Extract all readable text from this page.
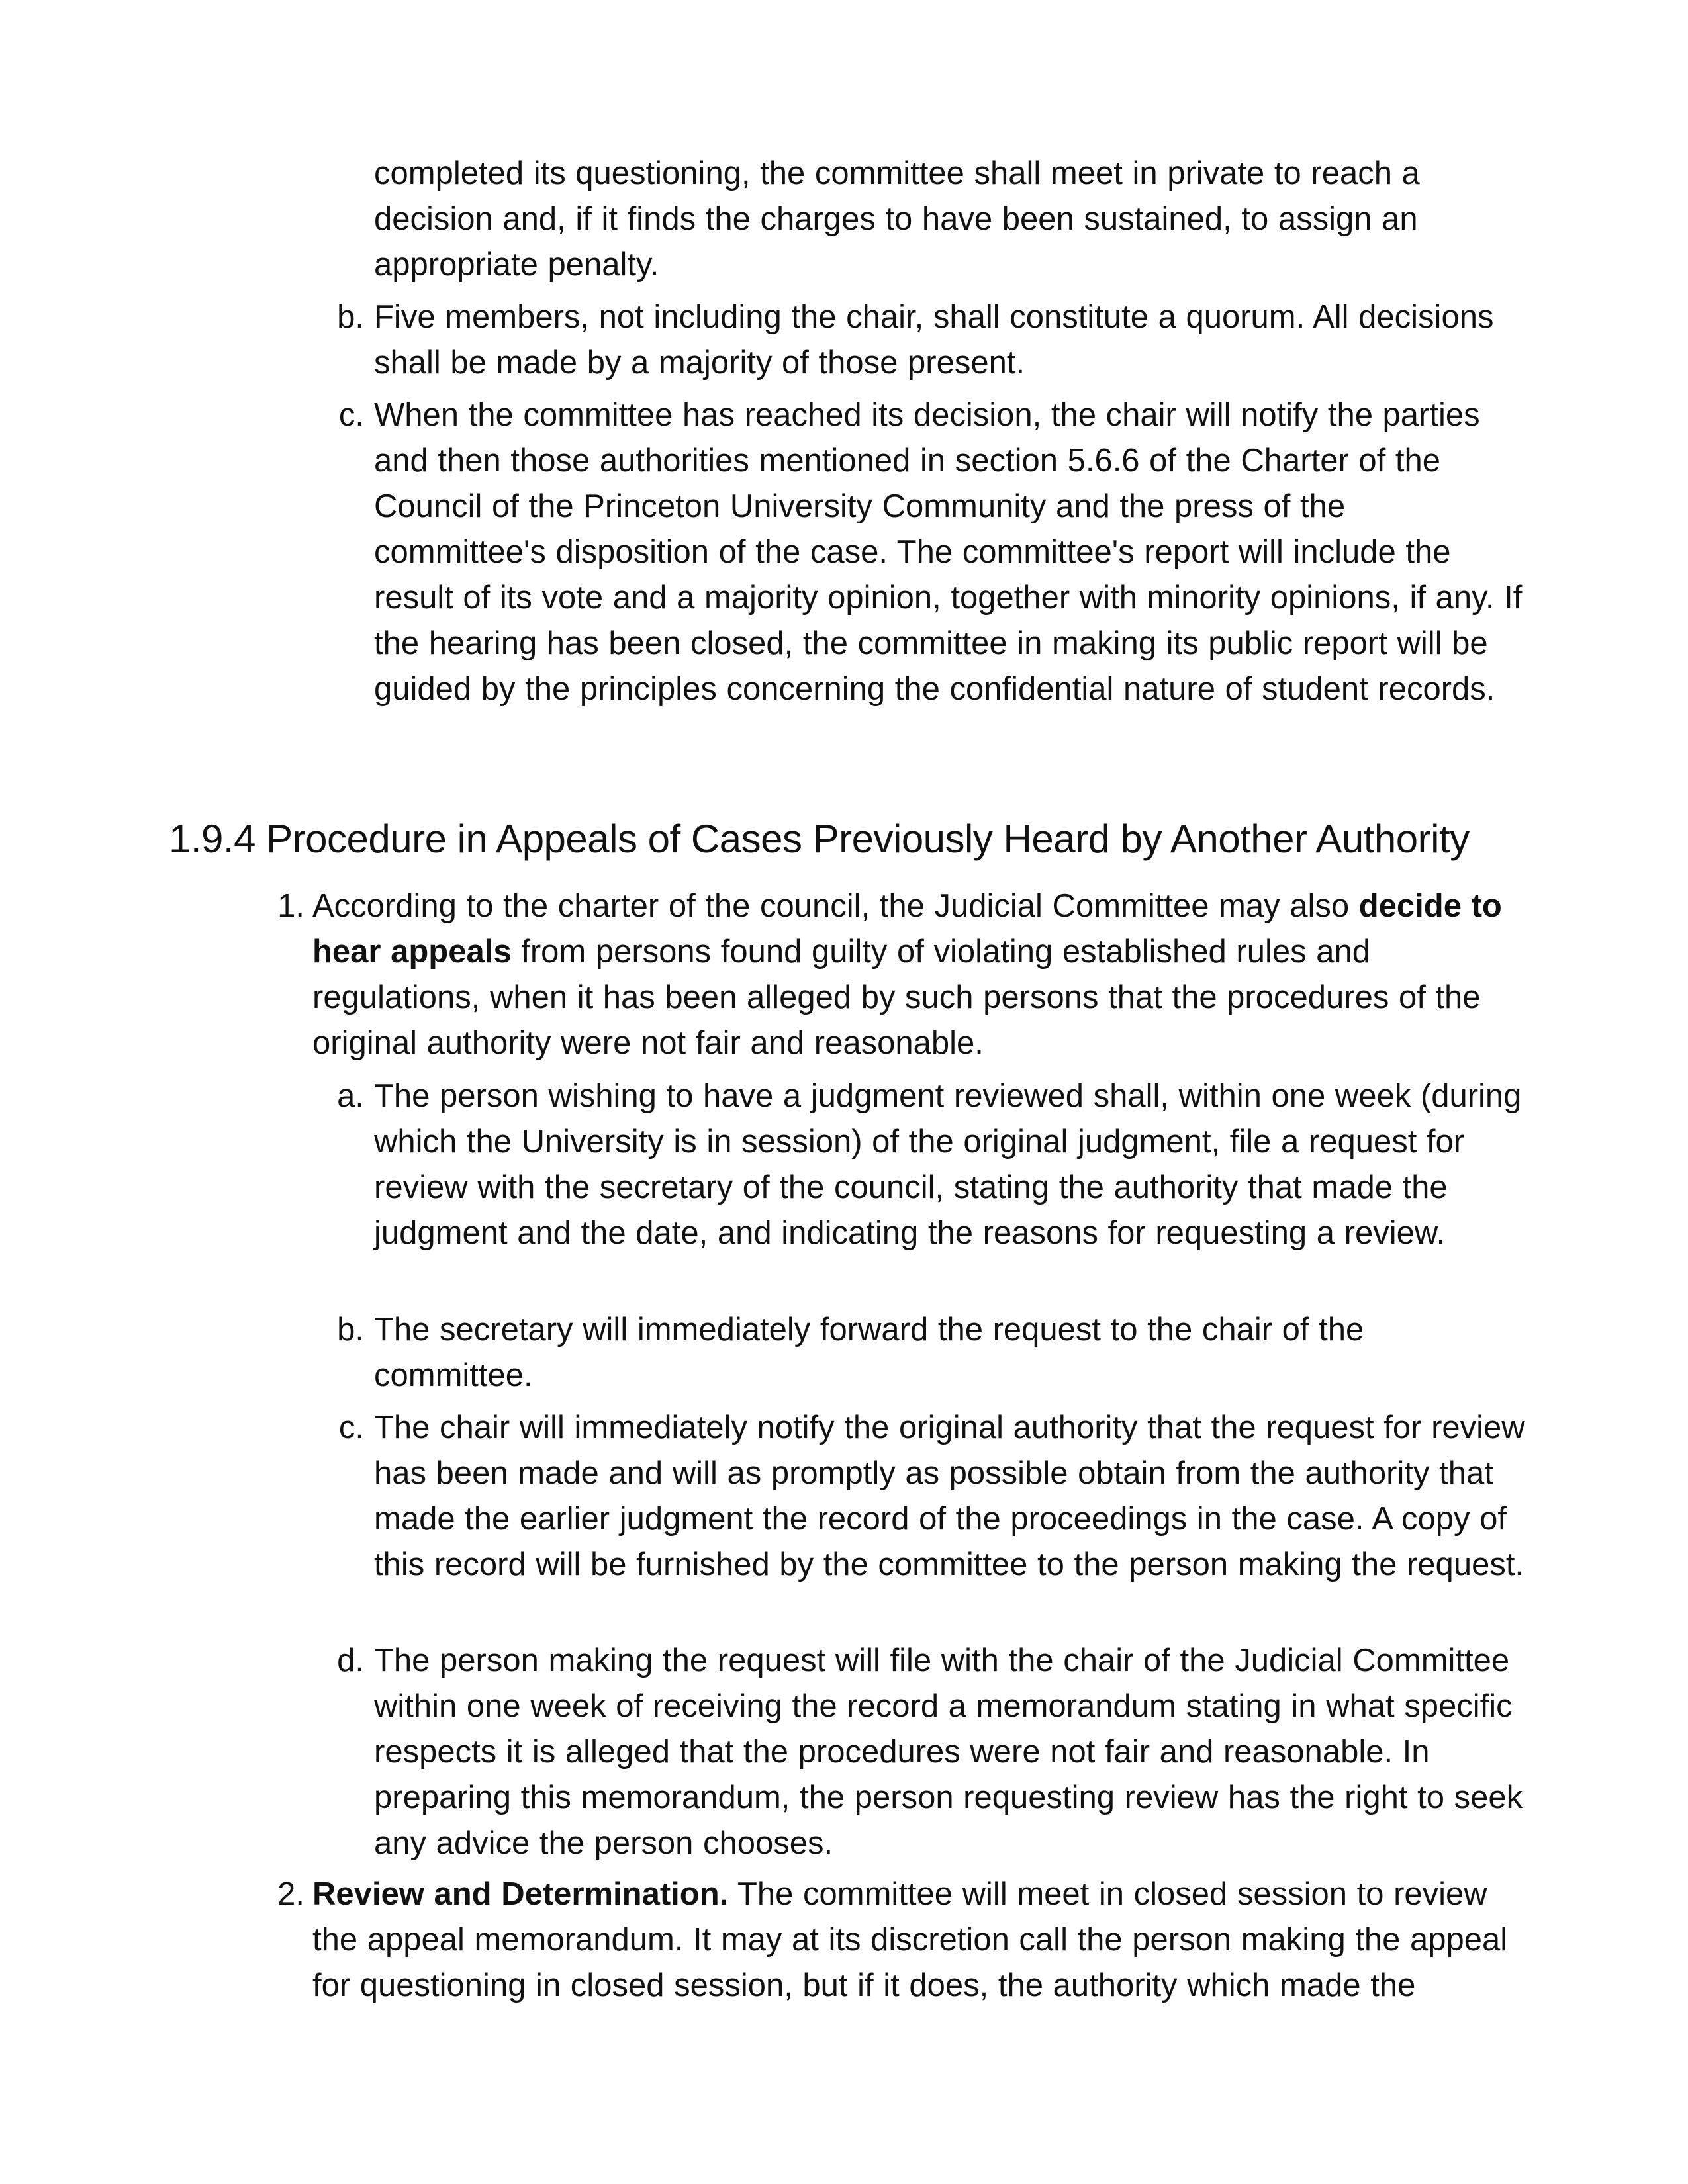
completed its questioning, the committee shall meet in private to reach a decision and, if it finds the charges to have been sustained, to assign an appropriate penalty.

b. Five members, not including the chair, shall constitute a quorum. All decisions shall be made by a majority of those present.

c. When the committee has reached its decision, the chair will notify the parties and then those authorities mentioned in section 5.6.6 of the Charter of the Council of the Princeton University Community and the press of the committee's disposition of the case. The committee's report will include the result of its vote and a majority opinion, together with minority opinions, if any. If the hearing has been closed, the committee in making its public report will be guided by the principles concerning the confidential nature of student records.

1.9.4 Procedure in Appeals of Cases Previously Heard by Another Authority
1. According to the charter of the council, the Judicial Committee may also decide to hear appeals from persons found guilty of violating established rules and regulations, when it has been alleged by such persons that the procedures of the original authority were not fair and reasonable.

a. The person wishing to have a judgment reviewed shall, within one week (during which the University is in session) of the original judgment, file a request for review with the secretary of the council, stating the authority that made the judgment and the date, and indicating the reasons for requesting a review.

b. The secretary will immediately forward the request to the chair of the committee.

c. The chair will immediately notify the original authority that the request for review has been made and will as promptly as possible obtain from the authority that made the earlier judgment the record of the proceedings in the case. A copy of this record will be furnished by the committee to the person making the request.

d. The person making the request will file with the chair of the Judicial Committee within one week of receiving the record a memorandum stating in what specific respects it is alleged that the procedures were not fair and reasonable. In preparing this memorandum, the person requesting review has the right to seek any advice the person chooses.

2. Review and Determination. The committee will meet in closed session to review the appeal memorandum. It may at its discretion call the person making the appeal for questioning in closed session, but if it does, the authority which made the
